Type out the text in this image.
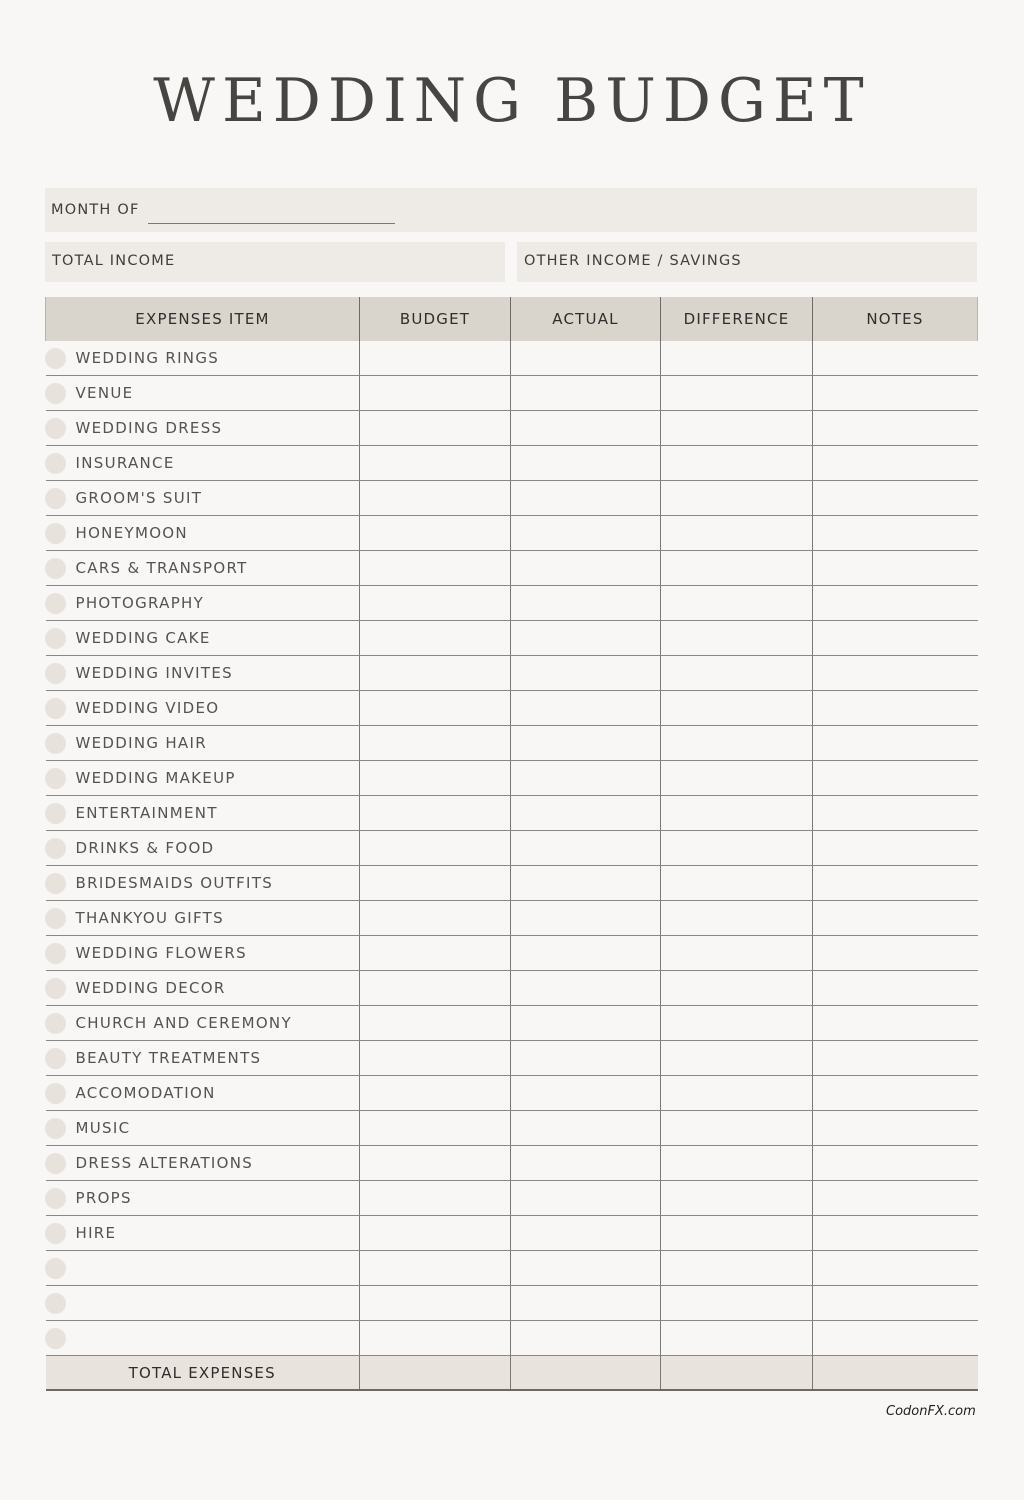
WEDDING BUDGET
MONTH OF
TOTAL INCOME	OTHER INCOME / SAVINGS
EXPENSES ITEM	BUDGET	ACTUAL	DIFFERENCE	NOTES

WEDDING RINGS				

VENUE				

WEDDING DRESS				

INSURANCE				

GROOM'S SUIT				

HONEYMOON				

CARS & TRANSPORT				

PHOTOGRAPHY				

WEDDING CAKE				

WEDDING INVITES				

WEDDING VIDEO				

WEDDING HAIR				

WEDDING MAKEUP				

ENTERTAINMENT				

DRINKS & FOOD				

BRIDESMAIDS OUTFITS				

THANKYOU GIFTS				

WEDDING FLOWERS				

WEDDING DECOR				

CHURCH AND CEREMONY				

BEAUTY TREATMENTS				

ACCOMODATION				

MUSIC				

DRESS ALTERATIONS				

PROPS				

HIRE				

TOTAL EXPENSES				
CodonFX.com
